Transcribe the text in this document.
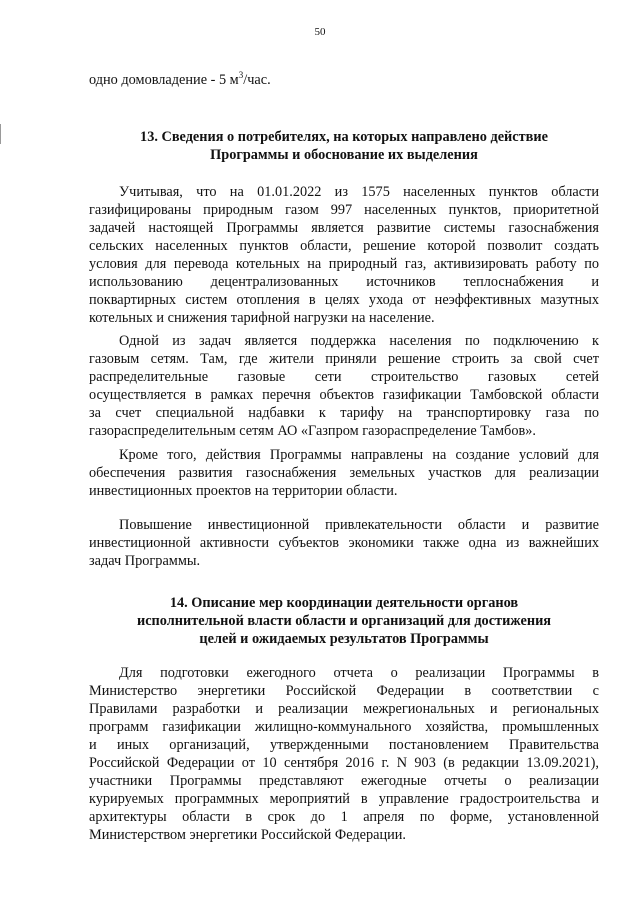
50
одно домовладение - 5 $м^3$/час.
13. Сведения о потребителях, на которых направлено действие
Программы и обоснование их выделения
Учитывая, что на 01.01.2022 из 1575 населенных пунктов области
газифицированы природным газом 997 населенных пунктов, приоритетной
задачей настоящей Программы является развитие системы газоснабжения
сельских населенных пунктов области, решение которой позволит создать
условия для перевода котельных на природный газ, активизировать работу по
использованию децентрализованных источников теплоснабжения и
поквартирных систем отопления в целях ухода от неэффективных мазутных
котельных и снижения тарифной нагрузки на население.
Одной из задач является поддержка населения по подключению к
газовым сетям. Там, где жители приняли решение строить за свой счет
распределительные газовые сети строительство газовых сетей
осуществляется в рамках перечня объектов газификации Тамбовской области
за счет специальной надбавки к тарифу на транспортировку газа по
газораспределительным сетям АО «Газпром газораспределение Тамбов».
Кроме того, действия Программы направлены на создание условий для
обеспечения развития газоснабжения земельных участков для реализации
инвестиционных проектов на территории области.
Повышение инвестиционной привлекательности области и развитие
инвестиционной активности субъектов экономики также одна из важнейших
задач Программы.
14. Описание мер координации деятельности органов
исполнительной власти области и организаций для достижения
целей и ожидаемых результатов Программы
Для подготовки ежегодного отчета о реализации Программы в
Министерство энергетики Российской Федерации в соответствии с
Правилами разработки и реализации межрегиональных и региональных
программ газификации жилищно-коммунального хозяйства, промышленных
и иных организаций, утвержденными постановлением Правительства
Российской Федерации от 10 сентября 2016 г. N 903 (в редакции 13.09.2021),
участники Программы представляют ежегодные отчеты о реализации
курируемых программных мероприятий в управление градостроительства и
архитектуры области в срок до 1 апреля по форме, установленной
Министерством энергетики Российской Федерации.
